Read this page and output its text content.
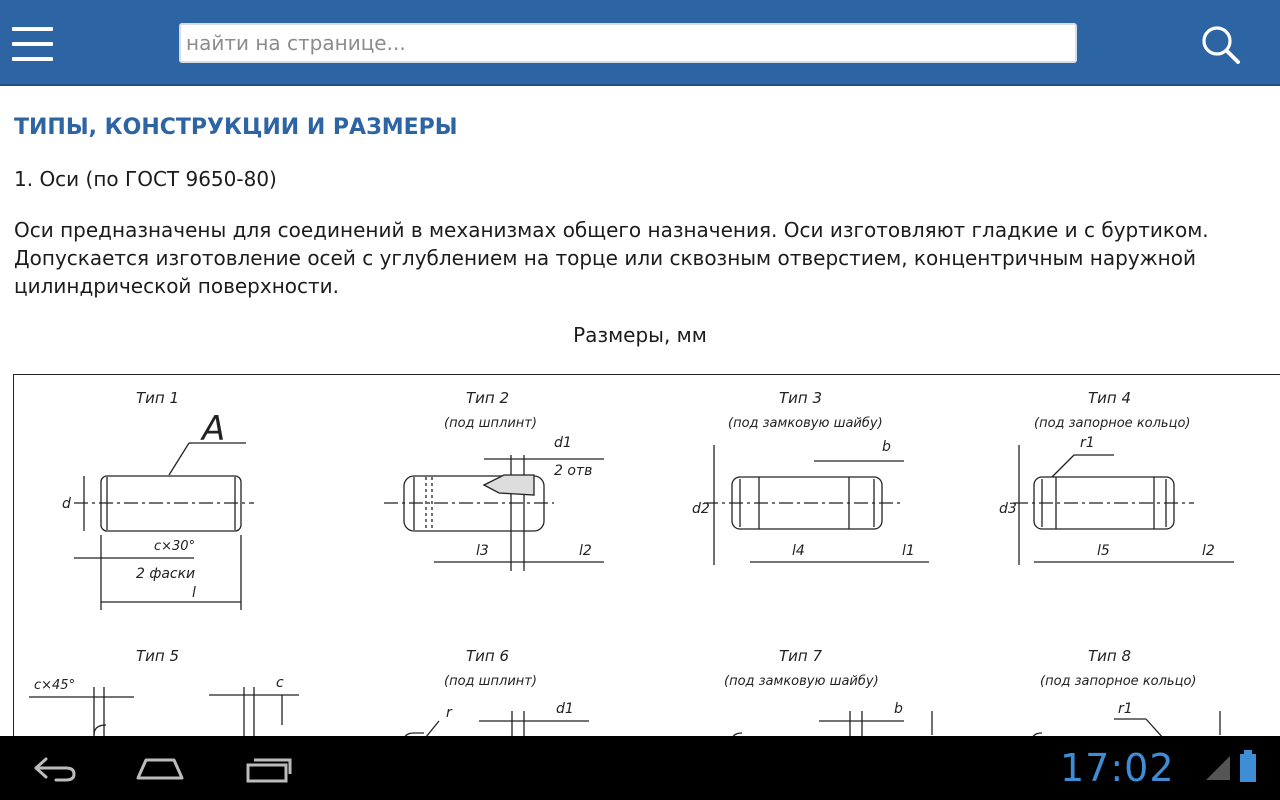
найти на странице...
ТИПЫ, КОНСТРУКЦИИ И РАЗМЕРЫ
1. Оси (по ГОСТ 9650-80)
Оси предназначены для соединений в механизмах общего назначения. Оси изготовляют гладкие и с буртиком. Допускается изготовление осей с углублением на торце или сквозным отверстием, концентричным наружной цилиндрической поверхности.
Размеры, мм
Тип 1
A
d
c×30°
2 фаски
l
Тип 2
(под шплинт)
d1
2 отв
l3	l2
Тип 3
(под замковую шайбу)
d2
b
l4	l1
Тип 4
(под запорное кольцо)
d3
r1
l5	l2
Тип 5
c×45°	c
Тип 6
(под шплинт)
r	d1
Тип 7
(под замковую шайбу)
b
Тип 8
(под запорное кольцо)
r1
17:02
